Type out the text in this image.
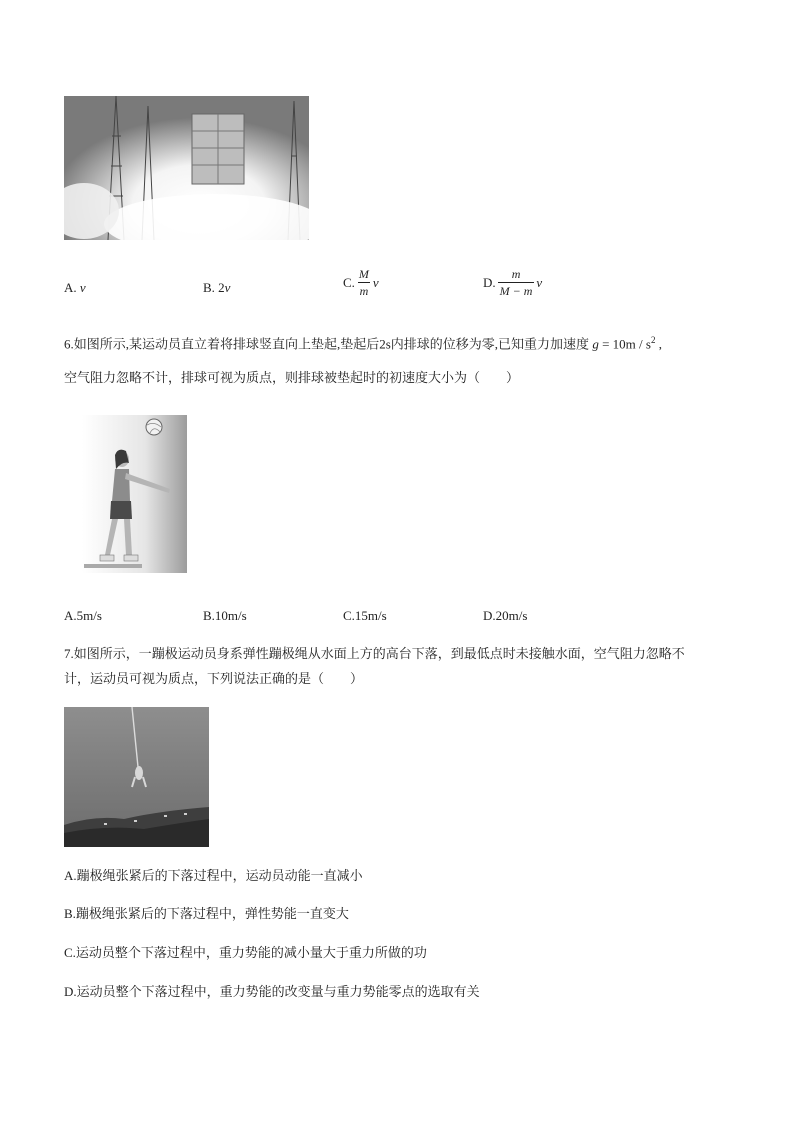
A. v	B. 2v	C. $\frac{M}{m}$ v	D. $\frac{m}{M - m}$ v
6.如图所示,某运动员直立着将排球竖直向上垫起,垫起后2s内排球的位移为零,已知重力加速度 $g = 10m / s^2$ ,
空气阻力忽略不计，排球可视为质点，则排球被垫起时的初速度大小为（　　）
A.5m/s	B.10m/s	C.15m/s	D.20m/s
7.如图所示，一蹦极运动员身系弹性蹦极绳从水面上方的高台下落，到最低点时未接触水面，空气阻力忽略不
计，运动员可视为质点，下列说法正确的是（　　）
A.蹦极绳张紧后的下落过程中，运动员动能一直减小
B.蹦极绳张紧后的下落过程中，弹性势能一直变大
C.运动员整个下落过程中，重力势能的减小量大于重力所做的功
D.运动员整个下落过程中，重力势能的改变量与重力势能零点的选取有关
